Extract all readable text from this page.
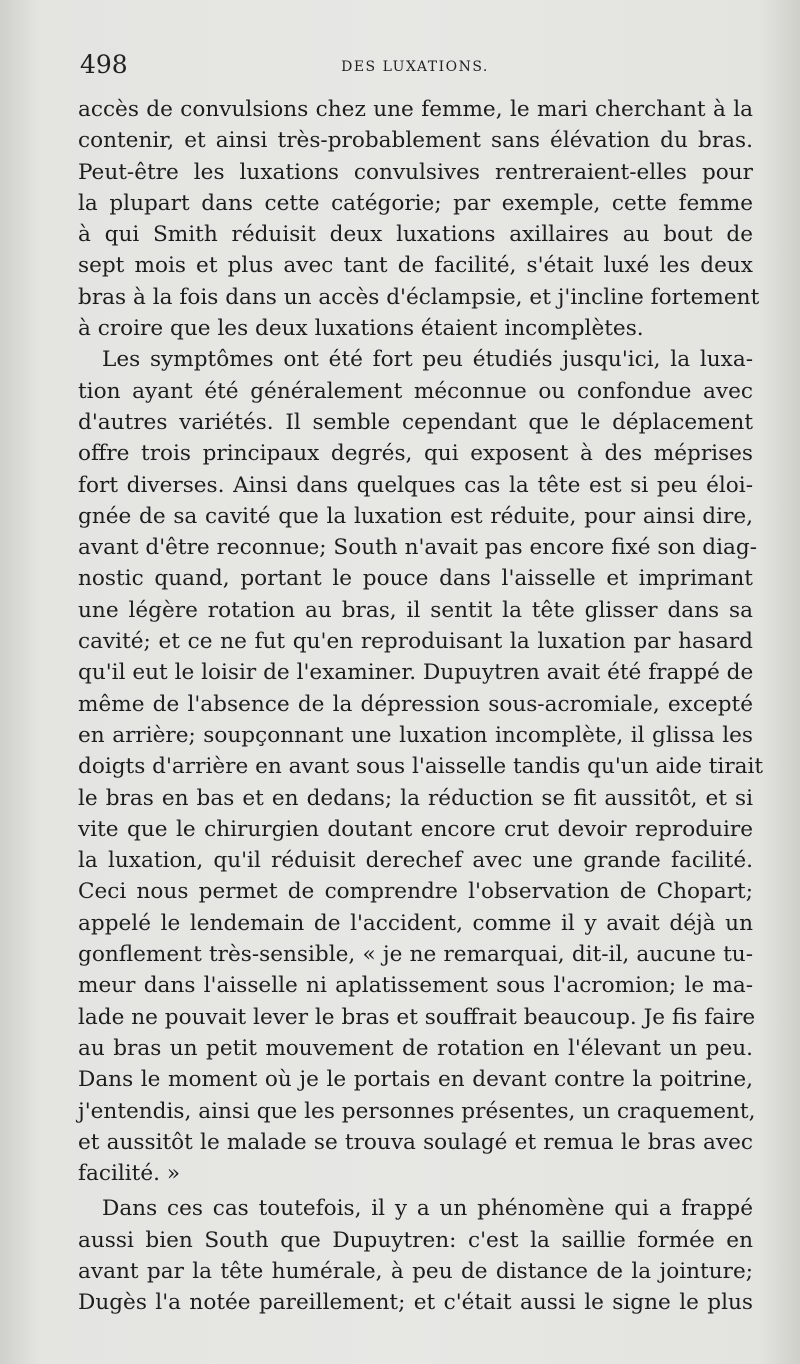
498	DES LUXATIONS.
accès de convulsions chez une femme, le mari cherchant à la
contenir, et ainsi très-probablement sans élévation du bras.
Peut-être les luxations convulsives rentreraient-elles pour
la plupart dans cette catégorie; par exemple, cette femme
à qui Smith réduisit deux luxations axillaires au bout de
sept mois et plus avec tant de facilité, s'était luxé les deux
bras à la fois dans un accès d'éclampsie, et j'incline fortement
à croire que les deux luxations étaient incomplètes.
Les symptômes ont été fort peu étudiés jusqu'ici, la luxa-
tion ayant été généralement méconnue ou confondue avec
d'autres variétés. Il semble cependant que le déplacement
offre trois principaux degrés, qui exposent à des méprises
fort diverses. Ainsi dans quelques cas la tête est si peu éloi-
gnée de sa cavité que la luxation est réduite, pour ainsi dire,
avant d'être reconnue; South n'avait pas encore fixé son diag-
nostic quand, portant le pouce dans l'aisselle et imprimant
une légère rotation au bras, il sentit la tête glisser dans sa
cavité; et ce ne fut qu'en reproduisant la luxation par hasard
qu'il eut le loisir de l'examiner. Dupuytren avait été frappé de
même de l'absence de la dépression sous-acromiale, excepté
en arrière; soupçonnant une luxation incomplète, il glissa les
doigts d'arrière en avant sous l'aisselle tandis qu'un aide tirait
le bras en bas et en dedans; la réduction se fit aussitôt, et si
vite que le chirurgien doutant encore crut devoir reproduire
la luxation, qu'il réduisit derechef avec une grande facilité.
Ceci nous permet de comprendre l'observation de Chopart;
appelé le lendemain de l'accident, comme il y avait déjà un
gonflement très-sensible, « je ne remarquai, dit-il, aucune tu-
meur dans l'aisselle ni aplatissement sous l'acromion; le ma-
lade ne pouvait lever le bras et souffrait beaucoup. Je fis faire
au bras un petit mouvement de rotation en l'élevant un peu.
Dans le moment où je le portais en devant contre la poitrine,
j'entendis, ainsi que les personnes présentes, un craquement,
et aussitôt le malade se trouva soulagé et remua le bras avec
facilité. »
Dans ces cas toutefois, il y a un phénomène qui a frappé
aussi bien South que Dupuytren: c'est la saillie formée en
avant par la tête humérale, à peu de distance de la jointure;
Dugès l'a notée pareillement; et c'était aussi le signe le plus
